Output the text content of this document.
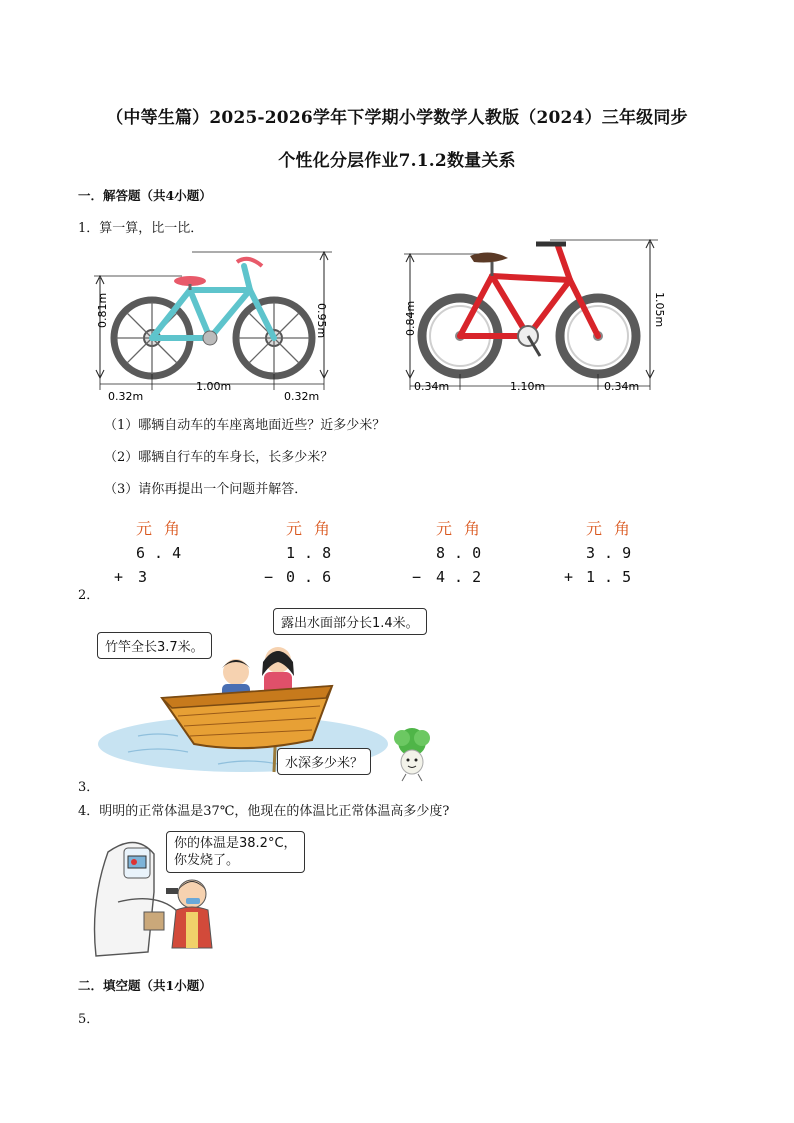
（中等生篇）2025-2026学年下学期小学数学人教版（2024）三年级同步
个性化分层作业7.1.2数量关系
一．解答题（共4小题）
1．算一算，比一比．
0.81m	0.95m
0.32m
1.00m
0.32m
0.84m	1.05m
0.34m	1.10m	0.34m
（1）哪辆自动车的车座离地面近些？近多少米？
（2）哪辆自行车的车身长，长多少米？
（3）请你再提出一个问题并解答．
元 角
6 . 4
+ 3
元 角
1 . 8
− 0 . 6
元 角
8 . 0
− 4 . 2
元 角
3 . 9
+ 1 . 5
2．
竹竿全长3.7米。
露出水面部分长1.4米。
水深多少米？
3．
4．明明的正常体温是37℃，他现在的体温比正常体温高多少度?
你的体温是38.2°C，
你发烧了。
二．填空题（共1小题）
5．
